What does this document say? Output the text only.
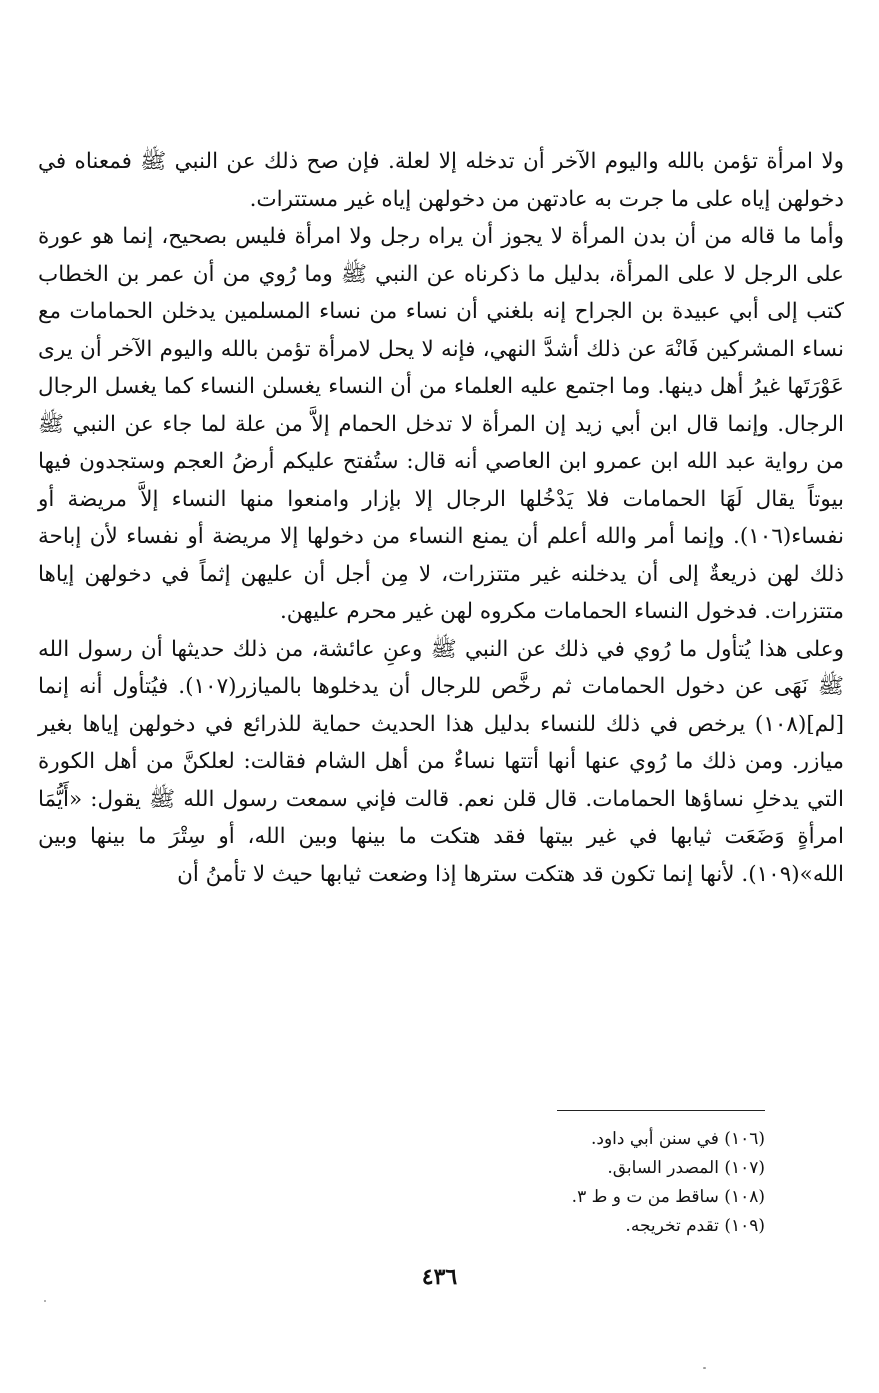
ولا امرأة تؤمن بالله واليوم الآخر أن تدخله إلا لعلة. فإن صح ذلك عن النبي ﷺ فمعناه في دخولهن إياه على ما جرت به عادتهن من دخولهن إياه غير مستترات.

وأما ما قاله من أن بدن المرأة لا يجوز أن يراه رجل ولا امرأة فليس بصحيح، إنما هو عورة على الرجل لا على المرأة، بدليل ما ذكرناه عن النبي ﷺ وما رُوي من أن عمر بن الخطاب كتب إلى أبي عبيدة بن الجراح إنه بلغني أن نساء من نساء المسلمين يدخلن الحمامات مع نساء المشركين فَانْهَ عن ذلك أشدَّ النهي، فإنه لا يحل لامرأة تؤمن بالله واليوم الآخر أن يرى عَوْرَتَها غيرُ أهل دينها. وما اجتمع عليه العلماء من أن النساء يغسلن النساء كما يغسل الرجال الرجال. وإنما قال ابن أبي زيد إن المرأة لا تدخل الحمام إلاَّ من علة لما جاء عن النبي ﷺ من رواية عبد الله ابن عمرو ابن العاصي أنه قال: ستُفتح عليكم أرضُ العجم وستجدون فيها بيوتاً يقال لَهَا الحمامات فلا يَدْخُلها الرجال إلا بإزار وامنعوا منها النساء إلاَّ مريضة أو نفساء(١٠٦). وإنما أمر والله أعلم أن يمنع النساء من دخولها إلا مريضة أو نفساء لأن إباحة ذلك لهن ذريعةٌ إلى أن يدخلنه غير متتزرات، لا مِن أجل أن عليهن إثماً في دخولهن إياها متتزرات. فدخول النساء الحمامات مكروه لهن غير محرم عليهن.

وعلى هذا يُتأول ما رُوي في ذلك عن النبي ﷺ وعنِ عائشة، من ذلك حديثها أن رسول الله ﷺ نَهَى عن دخول الحمامات ثم رخَّص للرجال أن يدخلوها بالميازر(١٠٧). فيُتأول أنه إنما [لم](١٠٨) يرخص في ذلك للنساء بدليل هذا الحديث حماية للذرائع في دخولهن إياها بغير ميازر. ومن ذلك ما رُوي عنها أنها أتتها نساءٌ من أهل الشام فقالت: لعلكنَّ من أهل الكورة التي يدخلِ نساؤها الحمامات. قال قلن نعم. قالت فإني سمعت رسول الله ﷺ يقول: «أَيُّمَا امرأةٍ وَضَعَت ثيابها في غير بيتها فقد هتكت ما بينها وبين الله، أو سِتْرَ ما بينها وبين الله»(١٠٩). لأنها إنما تكون قد هتكت سترها إذا وضعت ثيابها حيث لا تأمنُ أن

(١٠٦) في سنن أبي داود.
(١٠٧) المصدر السابق.
(١٠٨) ساقط من ت و ط ٣.
(١٠٩) تقدم تخريجه.
٤٣٦
